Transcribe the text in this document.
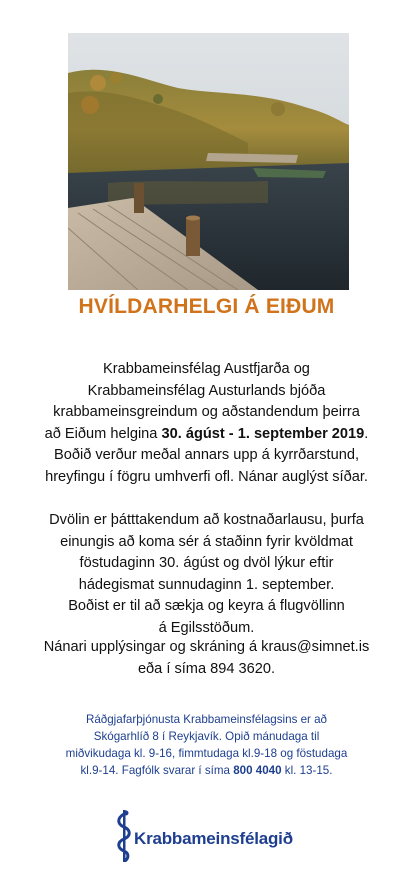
HVÍLDARHELGI Á EIÐUM
Krabbameinsfélag Austfjarða og
Krabbameinsfélag Austurlands bjóða
krabbameinsgreindum og aðstandendum þeirra
að Eiðum helgina 30. ágúst - 1. september 2019.
Boðið verður meðal annars upp á kyrrðarstund,
hreyfingu í fögru umhverfi ofl. Nánar auglýst síðar.
Dvölin er þátttakendum að kostnaðarlausu, þurfa
einungis að koma sér á staðinn fyrir kvöldmat
föstudaginn 30. ágúst og dvöl lýkur eftir
hádegismat sunnudaginn 1. september.
Boðist er til að sækja og keyra á flugvöllinn
á Egilsstöðum.
Nánari upplýsingar og skráning á kraus@simnet.is
eða í síma 894 3620.
Ráðgjafarþjónusta Krabbameinsfélagsins er að
Skógarhlíð 8 í Reykjavík. Opið mánudaga til
miðvikudaga kl. 9-16, fimmtudaga kl.9-18 og föstudaga
kl.9-14. Fagfólk svarar í síma 800 4040 kl. 13-15.
Krabbameinsfélagið
